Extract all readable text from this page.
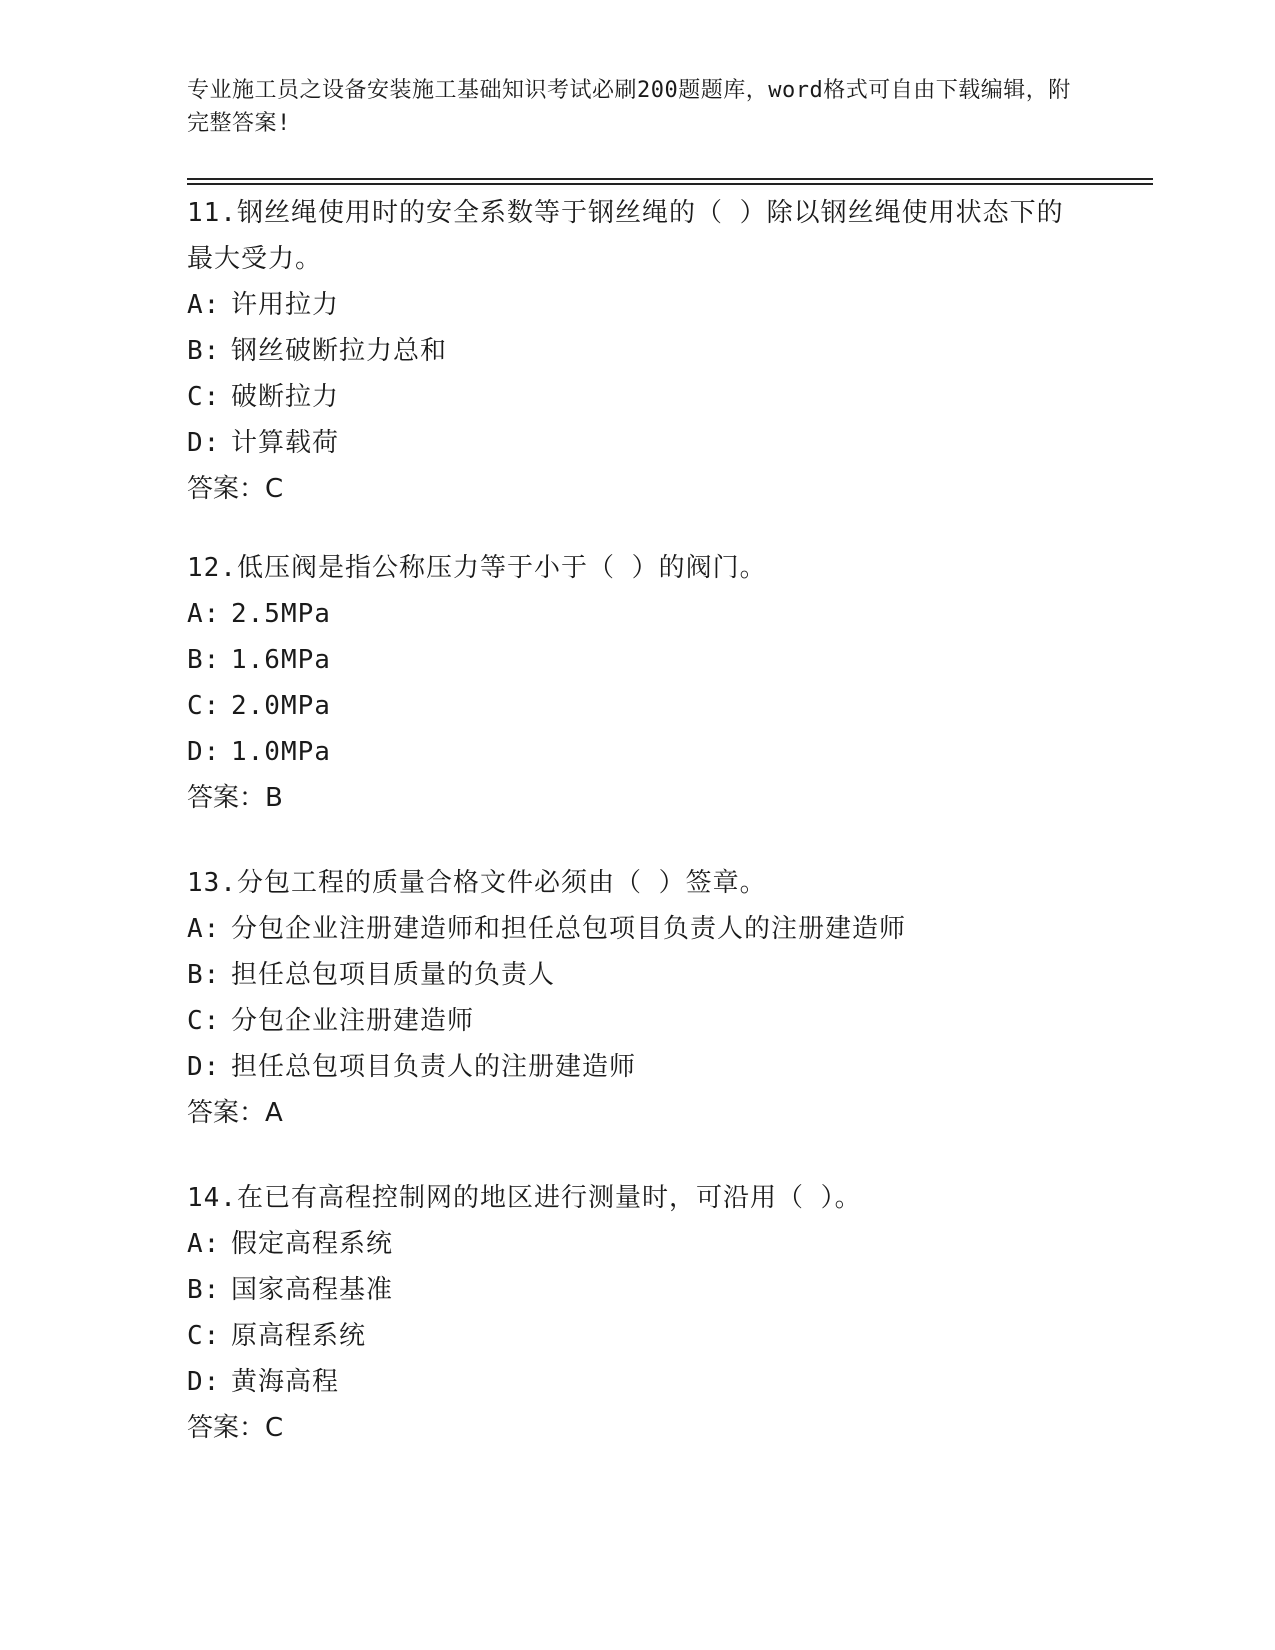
专业施工员之设备安装施工基础知识考试必刷200题题库，word格式可自由下载编辑，附完整答案!
11.钢丝绳使用时的安全系数等于钢丝绳的（ ）除以钢丝绳使用状态下的最大受力。
A: 许用拉力
B: 钢丝破断拉力总和
C: 破断拉力
D: 计算载荷
答案：C
12.低压阀是指公称压力等于小于（ ）的阀门。
A: 2.5MPa
B: 1.6MPa
C: 2.0MPa
D: 1.0MPa
答案：B
13.分包工程的质量合格文件必须由（ ）签章。
A: 分包企业注册建造师和担任总包项目负责人的注册建造师
B: 担任总包项目质量的负责人
C: 分包企业注册建造师
D: 担任总包项目负责人的注册建造师
答案：A
14.在已有高程控制网的地区进行测量时，可沿用（ ）。
A: 假定高程系统
B: 国家高程基准
C: 原高程系统
D: 黄海高程
答案：C
